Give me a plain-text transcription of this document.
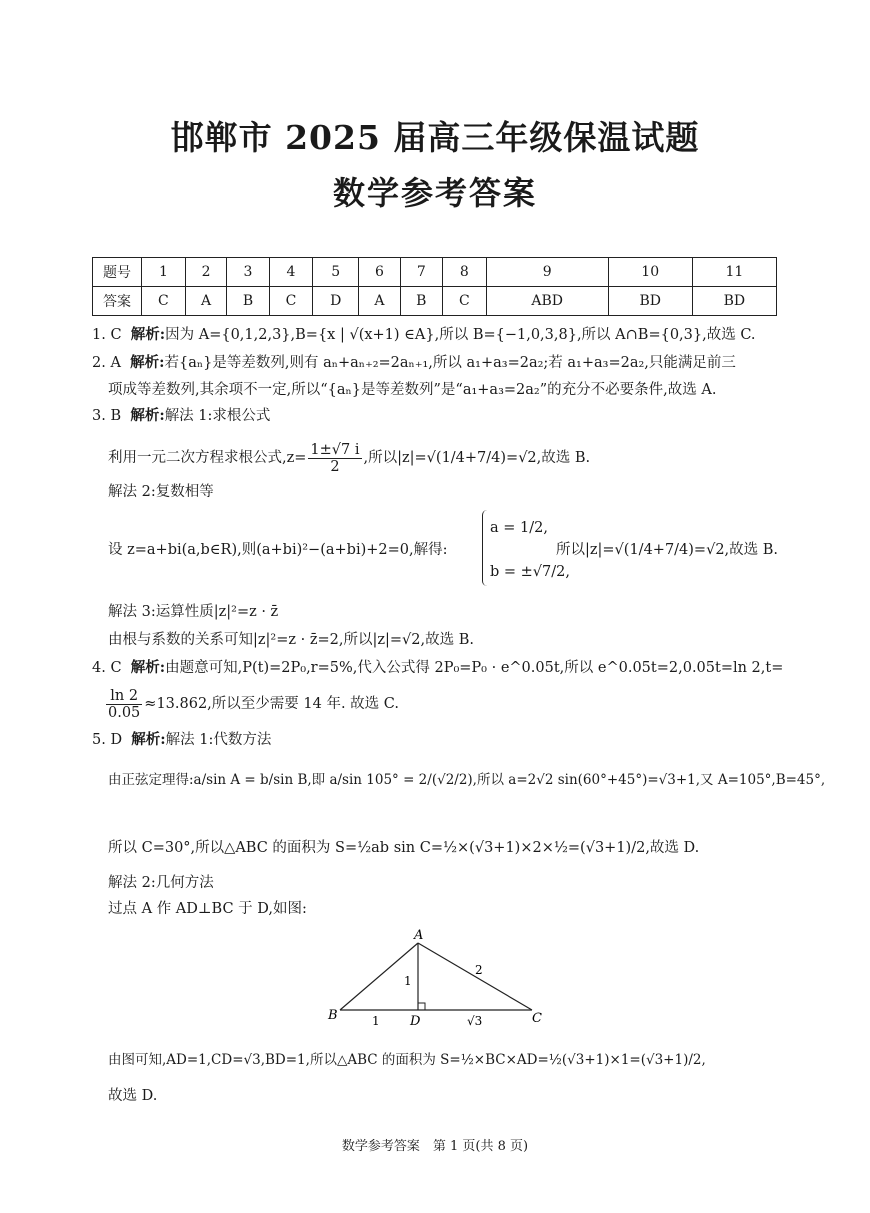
邯郸市 2025 届高三年级保温试题
数学参考答案
题号	1	2	3	4	5	6	7	8	9	10	11
答案	C	A	B	C	D	A	B	C	ABD	BD	BD
1. C 解析:因为 A={0,1,2,3},B={x | √(x+1) ∈A},所以 B={−1,0,3,8},所以 A∩B={0,3},故选 C.
2. A 解析:若{aₙ}是等差数列,则有 aₙ+aₙ₊₂=2aₙ₊₁,所以 a₁+a₃=2a₂;若 a₁+a₃=2a₂,只能满足前三
项成等差数列,其余项不一定,所以“{aₙ}是等差数列”是“a₁+a₃=2a₂”的充分不必要条件,故选 A.
3. B 解析:解法 1:求根公式
利用一元二次方程求根公式$,z= \frac{1\pm√7 i}{2}$ ,所以|z|=√(1/4+7/4)=√2,故选 B.
解法 2:复数相等
设 z=a+bi(a,b∈R),则(a+bi)²−(a+bi)+2=0,解得:
a = 1/2,
b = ±√7/2,
所以|z|=√(1/4+7/4)=√2,故选 B.
解法 3:运算性质|z|²=z · z̄
由根与系数的关系可知|z|²=z · z̄=2,所以|z|=√2,故选 B.
4. C 解析:由题意可知,P(t)=2P₀,r=5%,代入公式得 2P₀=P₀ · e^0.05t,所以 e^0.05t=2,0.05t=ln 2,t=
$\frac{\ln 2}{0.05} \approx 13.862$,所以至少需要 14 年. 故选 C.
5. D 解析:解法 1:代数方法
由正弦定理得:a/sin A = b/sin B,即 a/sin 105° = 2/(√2/2),所以 a=2√2 sin(60°+45°)=√3+1,又 A=105°,B=45°,
所以 C=30°,所以△ABC 的面积为 S=½ab sin C=½×(√3+1)×2×½=(√3+1)/2,故选 D.
解法 2:几何方法
过点 A 作 AD⊥BC 于 D,如图:
A
B	C
D
1
2
1	√3
由图可知,AD=1,CD=√3,BD=1,所以△ABC 的面积为 S=½×BC×AD=½(√3+1)×1=(√3+1)/2,
故选 D.
数学参考答案　第 1 页(共 8 页)
